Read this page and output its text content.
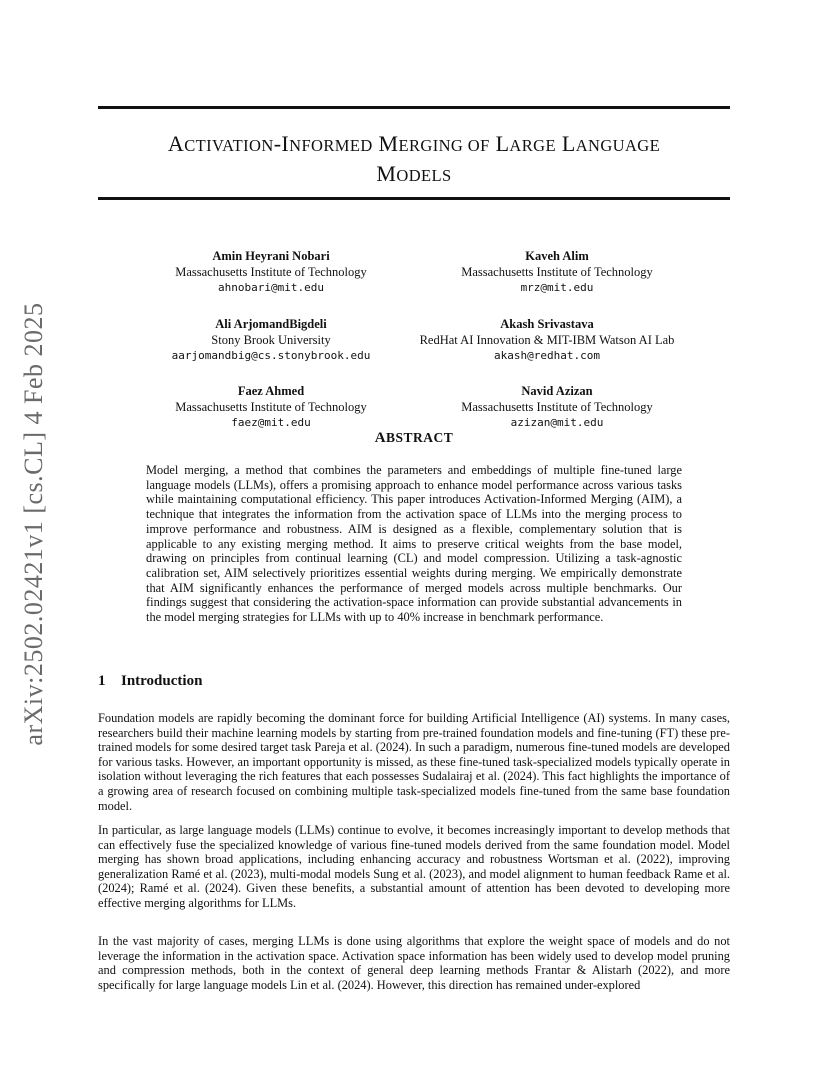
arXiv:2502.02421v1 [cs.CL] 4 Feb 2025
ACTIVATION-INFORMED MERGING OF LARGE LANGUAGE
MODELS
Amin Heyrani Nobari
Massachusetts Institute of Technology
ahnobari@mit.edu
Kaveh Alim
Massachusetts Institute of Technology
mrz@mit.edu
Ali ArjomandBigdeli
Stony Brook University
aarjomandbig@cs.stonybrook.edu
Akash Srivastava
RedHat AI Innovation & MIT-IBM Watson AI Lab
akash@redhat.com
Faez Ahmed
Massachusetts Institute of Technology
faez@mit.edu
Navid Azizan
Massachusetts Institute of Technology
azizan@mit.edu
ABSTRACT
Model merging, a method that combines the parameters and embeddings of multiple fine-tuned large language models (LLMs), offers a promising approach to enhance model performance across various tasks while maintaining computational efficiency. This paper introduces Activation-Informed Merging (AIM), a technique that integrates the information from the activation space of LLMs into the merging process to improve performance and robustness. AIM is designed as a flexible, complementary solution that is applicable to any existing merging method. It aims to preserve critical weights from the base model, drawing on principles from continual learning (CL) and model compression. Utilizing a task-agnostic calibration set, AIM selectively prioritizes essential weights during merging. We empirically demonstrate that AIM significantly enhances the performance of merged models across multiple benchmarks. Our findings suggest that considering the activation-space information can provide substantial advancements in the model merging strategies for LLMs with up to 40% increase in benchmark performance.
1 Introduction

Foundation models are rapidly becoming the dominant force for building Artificial Intelligence (AI) systems. In many cases, researchers build their machine learning models by starting from pre-trained foundation models and fine-tuning (FT) these pre-trained models for some desired target task Pareja et al. (2024). In such a paradigm, numerous fine-tuned models are developed for various tasks. However, an important opportunity is missed, as these fine-tuned task-specialized models typically operate in isolation without leveraging the rich features that each possesses Sudalairaj et al. (2024). This fact highlights the importance of a growing area of research focused on combining multiple task-specialized models fine-tuned from the same base foundation model.

In particular, as large language models (LLMs) continue to evolve, it becomes increasingly important to develop methods that can effectively fuse the specialized knowledge of various fine-tuned models derived from the same foundation model. Model merging has shown broad applications, including enhancing accuracy and robustness Wortsman et al. (2022), improving generalization Ramé et al. (2023), multi-modal models Sung et al. (2023), and model alignment to human feedback Rame et al. (2024); Ramé et al. (2024). Given these benefits, a substantial amount of attention has been devoted to developing more effective merging algorithms for LLMs.

In the vast majority of cases, merging LLMs is done using algorithms that explore the weight space of models and do not leverage the information in the activation space. Activation space information has been widely used to develop model pruning and compression methods, both in the context of general deep learning methods Frantar & Alistarh (2022), and more specifically for large language models Lin et al. (2024). However, this direction has remained under-explored
